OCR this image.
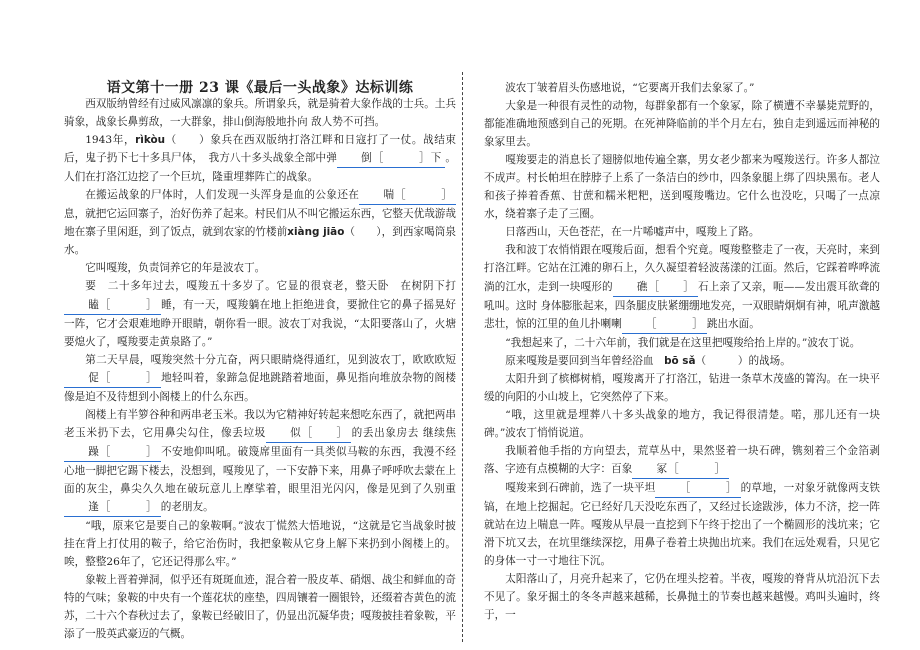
语文第十一册 23 课《最后一头战象》达标训练

西双版纳曾经有过威风凛凛的象兵。所谓象兵，就是骑着大象作战的士兵。土兵骑象，战象长鼻剪敌，一大群象，排山倒海般地扑向 敌人势不可挡。

1943年，rìkòu（　　）象兵在西双版纳打洛江畔和日寇打了一仗。战结束后，鬼子扔下七十多具尸体，　我方八十多头战象全部中弹 倒［　　　］下 。人们在打洛江边挖了一个巨坑，隆重埋葬阵亡的战象。

在搬运战象的尸体时，人们发现一头浑身是血的公象还在 喘［　　　］息，就把它运回寨子，治好伤养了起来。村民们从不叫它搬运东西，它整天优哉游哉地在寨子里闲逛，到了饭点，就到农家的竹楼前xiàng jiāo（　　），到西家喝筒泉水。

它叫嘎羧，负责饲养它的年是波农丁。

要　二十多年过去，嘎羧五十多岁了。它显的很衰老，整天卧　在树阴下打瞌［　　　］ 睡，有一天，嘎羧躺在地上拒绝进食，要掀住它的鼻子摇晃好一阵，它才会艰难地睁开眼睛，朝你看一眼。波农丁对我说，“太阳要落山了，火塘要熄火了，嘎羧要走黄泉路了。”

第二天早晨，嘎羧突然十分亢奋，两只眼睛烧得通红，见到波农丁，欧欧欧短促［　　　］ 地轻叫着，象蹄急促地跳踏着地面，鼻见指向堆放杂物的阁楼像是迫不及待想到小阁楼上的什么东西。

阁楼上有半箩谷种和两串老玉米。我以为它精神好转起来想吃东西了，就把两串老玉米扔下去，它用鼻尖勾住，像丢垃圾 似［　　］ 的丢出象房去 继续焦躁［　　　］ 不安地仰叫吼。破篾席里面有一具类似马鞍的东西，我漫不经心地一脚把它踢下楼去，没想到，嘎羧见了，一下安静下来，用鼻子呼呼吹去蒙在上面的灰尘，鼻尖久久地在破玩意儿上摩挲着，眼里泪光闪闪，像是见到了久别重逢［　　　］ 的老朋友。

“哦，原来它是要自己的象鞍啊。”波农丁慌然大悟地说，“这就是它当战象时披挂在背上打仗用的鞍子，给它治伤时，我把象鞍从它身上解下来扔到小阁楼上的。唉，整整26年了，它还记得那么牢。”

象鞍上晋着弹洞，似乎还有斑斑血迹，混合着一股皮革、硝烟、战尘和鲜血的奇特的气味；象鞍的中央有一个莲花状的座垫，四周镶着一圈银铃，还缀着杏黄色的流苏，二十六个春秋过去了，象鞍已经破旧了，仍显出沉凝华贵；嘎羧披挂着象鞍，平添了一股英武豪迈的气概。

波农丁皱着眉头伤感地说，“它要离开我们去象冢了。”

大象是一种很有灵性的动物，每群象都有一个象冢，除了横遭不幸暴毙荒野的，都能准确地预感到自己的死期。在死神降临前的半个月左右，独自走到遥远而神秘的象冢里去。

嘎羧要走的消息长了翅膀似地传遍全寨，男女老少都来为嘎羧送行。许多人都泣不成声。村长帕坦在脖脖子上系了一条洁白的纱巾，四条象腿上绑了四块黑布。老人和孩子捧着香蕉、甘蔗和糯米粑粑，送到嘎羧嘴边。它什么也没吃，只喝了一点凉水，绕着寨子走了三圈。

日落西山，天色苍茫，在一片唏嘘声中，嘎羧上了路。

我和波丁农悄悄跟在嘎羧后面，想看个究竟。嘎羧整整走了一夜，天亮时，来到打洛江畔。它站在江滩的卵石上，久久凝望着轻波荡漾的江面。然后，它踩着哗哗流淌的江水，走到一块嘎形的 礁［　　］ 石上亲了又亲，呃——发出震耳欲聋的吼叫。这时 身体膨胀起来，四条腿皮肤紧绷绷地发亮，一双眼睛炯炯有神，吼声激越悲壮，惊的江里的鱼儿扑喇喇 ［　　　］ 跳出水面。

“我想起来了，二十六年前，我们就是在这里把嘎羧给抬上岸的。”波农丁说。

原来嘎羧是要回到当年曾经浴血　bō sǎ（　　　）的战场。

太阳升到了槟榔树梢，嘎羧离开了打洛江，钻进一条草木茂盛的箐沟。在一块平缓的向阳的小山坡上，它突然停了下来。

“哦，这里就是埋葬八十多头战象的地方，我记得很清楚。喏，那儿还有一块碑。”波农丁悄悄说道。

我顺着他手指的方向望去，荒草丛中，果然竖着一块石碑，镌刻着三个金箔剥落、字迹有点模糊的大字：百象 冢［　　　］

嘎羧来到石碑前，选了一块平坦 ［　　　］ 的草地，一对象牙就像两支铁镐，在地上挖掘起。它已经好几天没吃东西了，又经过长途跋涉，体力不济，挖一阵就站在边上喘息一阵。嘎羧从早晨一直挖到下午终于挖出了一个椭圆形的浅坑来；它滑下坑又去，在坑里继续深挖，用鼻子卷着土块抛出坑来。我们在远处观看，只见它的身体一寸一寸地往下沉。

太阳落山了，月亮升起来了，它仍在埋头挖着。半夜，嘎羧的脊背从坑沿沉下去不见了。象牙掘土的冬冬声越来越稀，长鼻抛土的节奏也越来越慢。鸡叫头遍时，终于，一
